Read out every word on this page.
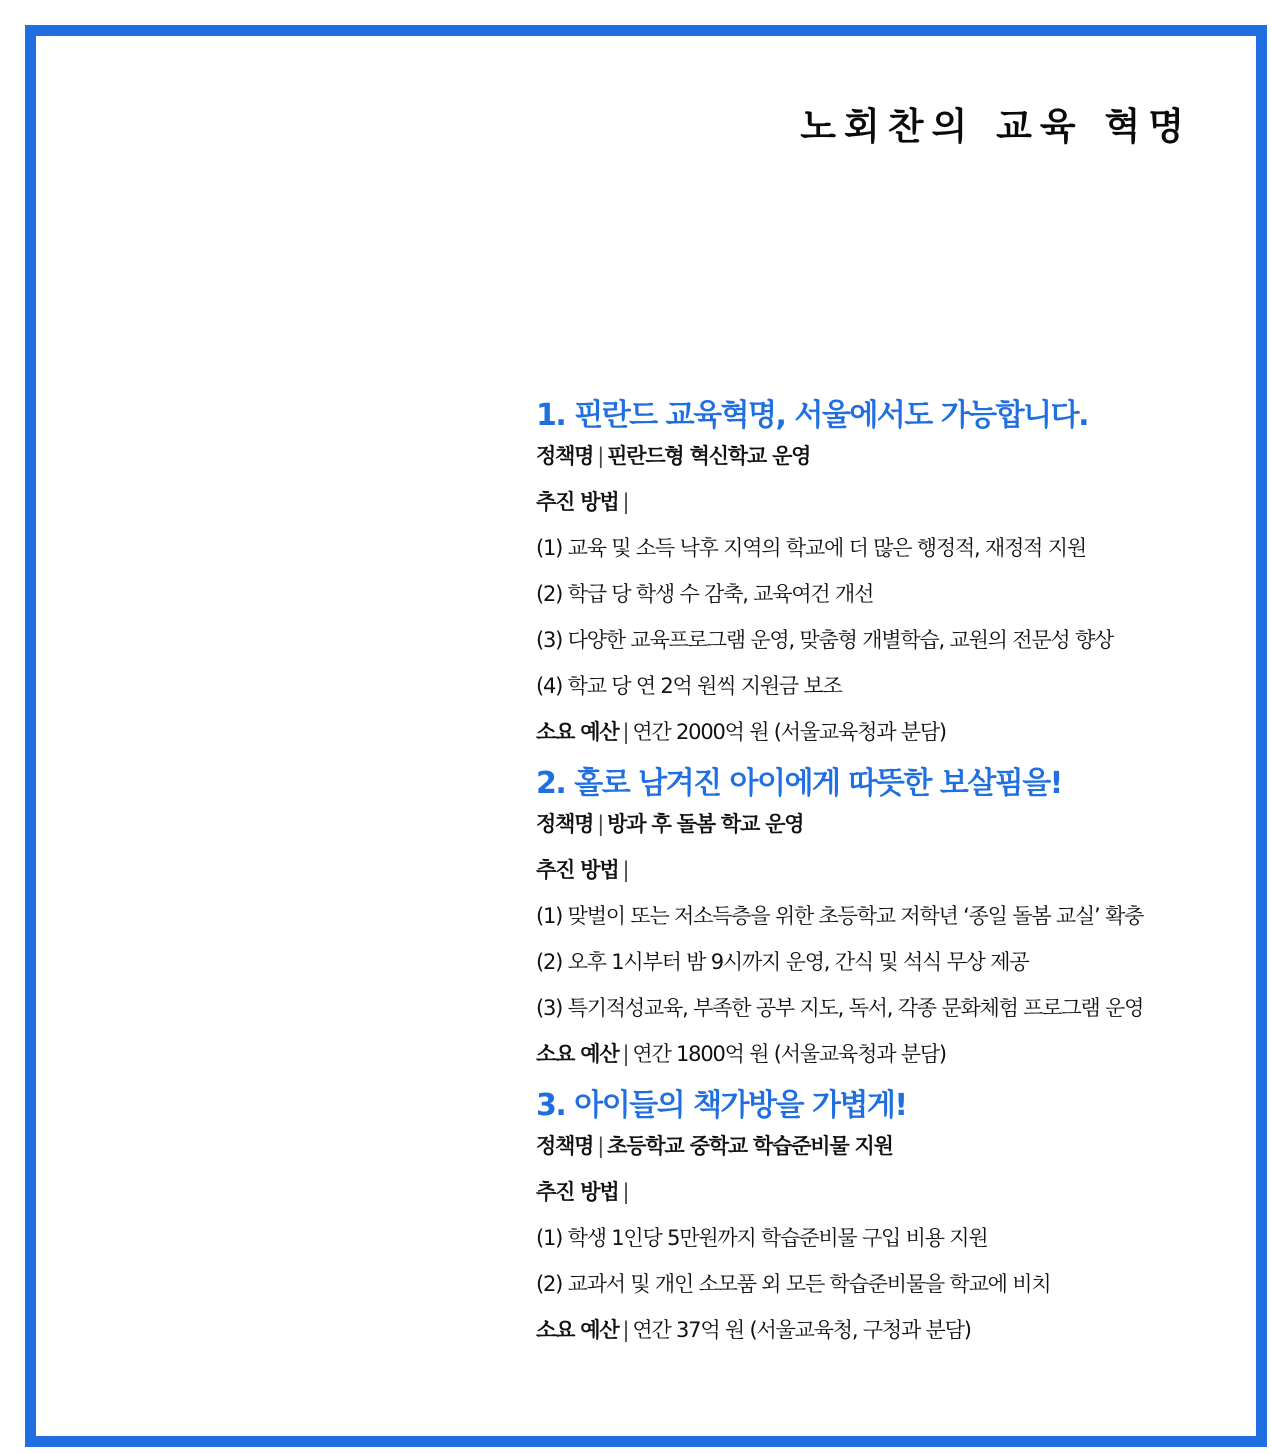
노회찬의 교육 혁명
1. 핀란드 교육혁명, 서울에서도 가능합니다.
정책명 | 핀란드형 혁신학교 운영
추진 방법 |
(1) 교육 및 소득 낙후 지역의 학교에 더 많은 행정적, 재정적 지원
(2) 학급 당 학생 수 감축, 교육여건 개선
(3) 다양한 교육프로그램 운영, 맞춤형 개별학습, 교원의 전문성 향상
(4) 학교 당 연 2억 원씩 지원금 보조
소요 예산 | 연간 2000억 원 (서울교육청과 분담)
2. 홀로 남겨진 아이에게 따뜻한 보살핌을!
정책명 | 방과 후 돌봄 학교 운영
추진 방법 |
(1) 맞벌이 또는 저소득층을 위한 초등학교 저학년 ‘종일 돌봄 교실’ 확충
(2) 오후 1시부터 밤 9시까지 운영, 간식 및 석식 무상 제공
(3) 특기적성교육, 부족한 공부 지도, 독서, 각종 문화체험 프로그램 운영
소요 예산 | 연간 1800억 원 (서울교육청과 분담)
3. 아이들의 책가방을 가볍게!
정책명 | 초등학교 중학교 학습준비물 지원
추진 방법 |
(1) 학생 1인당 5만원까지 학습준비물 구입 비용 지원
(2) 교과서 및 개인 소모품 외 모든 학습준비물을 학교에 비치
소요 예산 | 연간 37억 원 (서울교육청, 구청과 분담)
